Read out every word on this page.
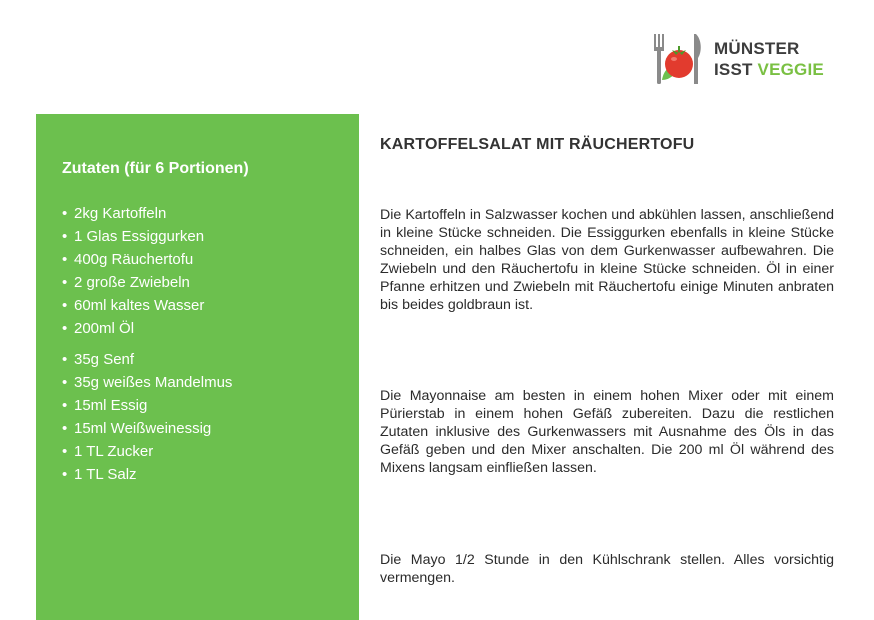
MÜNSTER
ISST VEGGIE
Zutaten (für 6 Portionen)
• 2kg Kartoffeln
• 1 Glas Essiggurken
• 400g Räuchertofu
• 2 große Zwiebeln
• 60ml kaltes Wasser
• 200ml Öl
• 35g Senf
• 35g weißes Mandelmus
• 15ml Essig
• 15ml Weißweinessig
• 1 TL Zucker
• 1 TL Salz
KARTOFFELSALAT MIT RÄUCHERTOFU

Die Kartoffeln in Salzwasser kochen und abkühlen lassen, anschließend in kleine Stücke schneiden. Die Essiggurken ebenfalls in kleine Stücke schneiden, ein halbes Glas von dem Gurkenwasser aufbewahren. Die Zwiebeln und den Räuchertofu in kleine Stücke schneiden. Öl in einer Pfanne erhitzen und Zwiebeln mit Räuchertofu einige Minuten anbraten bis beides goldbraun ist.

Die Mayonnaise am besten in einem hohen Mixer oder mit einem Pürierstab in einem hohen Gefäß zubereiten. Dazu die restlichen Zutaten inklusive des Gurkenwassers mit Ausnahme des Öls in das Gefäß geben und den Mixer anschalten. Die 200 ml Öl während des Mixens langsam einfließen lassen.

Die Mayo 1/2 Stunde in den Kühlschrank stellen. Alles vorsichtig vermengen.
